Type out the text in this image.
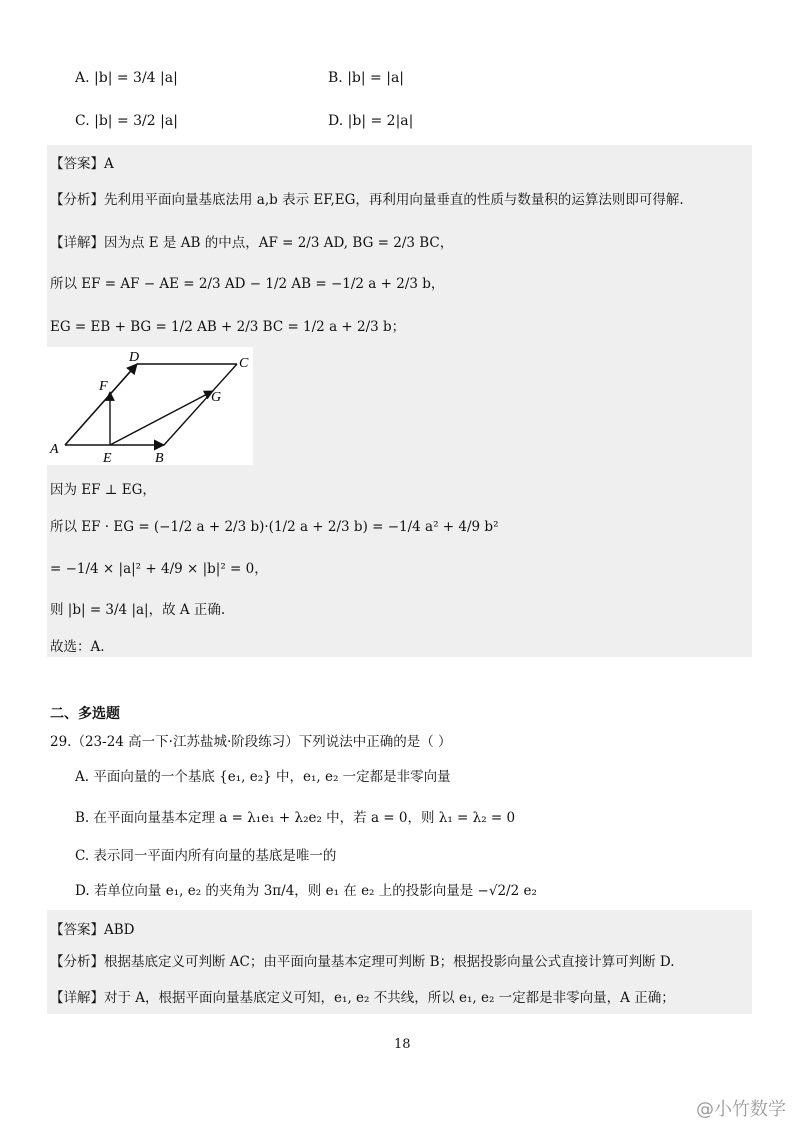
A. |b| = 3/4 |a|	B. |b| = |a|
C. |b| = 3/2 |a|	D. |b| = 2|a|
【答案】A
【分析】先利用平面向量基底法用 a,b 表示 EF,EG，再利用向量垂直的性质与数量积的运算法则即可得解.
【详解】因为点 E 是 AB 的中点，AF = 2/3 AD, BG = 2/3 BC，
所以 EF = AF − AE = 2/3 AD − 1/2 AB = −1/2 a + 2/3 b，
EG = EB + BG = 1/2 AB + 2/3 BC = 1/2 a + 2/3 b；
A
E	B
D	C
F
G
因为 EF ⊥ EG，
所以 EF · EG = (−1/2 a + 2/3 b)·(1/2 a + 2/3 b) = −1/4 a² + 4/9 b²
= −1/4 × |a|² + 4/9 × |b|² = 0，
则 |b| = 3/4 |a|，故 A 正确.
故选：A.
二、多选题
29.（23-24 高一下·江苏盐城·阶段练习）下列说法中正确的是（ ）
A. 平面向量的一个基底 {e₁, e₂} 中，e₁, e₂ 一定都是非零向量
B. 在平面向量基本定理 a = λ₁e₁ + λ₂e₂ 中，若 a = 0，则 λ₁ = λ₂ = 0
C. 表示同一平面内所有向量的基底是唯一的
D. 若单位向量 e₁, e₂ 的夹角为 3π/4，则 e₁ 在 e₂ 上的投影向量是 −√2/2 e₂
【答案】ABD
【分析】根据基底定义可判断 AC；由平面向量基本定理可判断 B；根据投影向量公式直接计算可判断 D.
【详解】对于 A，根据平面向量基底定义可知，e₁, e₂ 不共线，所以 e₁, e₂ 一定都是非零向量，A 正确；
18
@小竹数学
